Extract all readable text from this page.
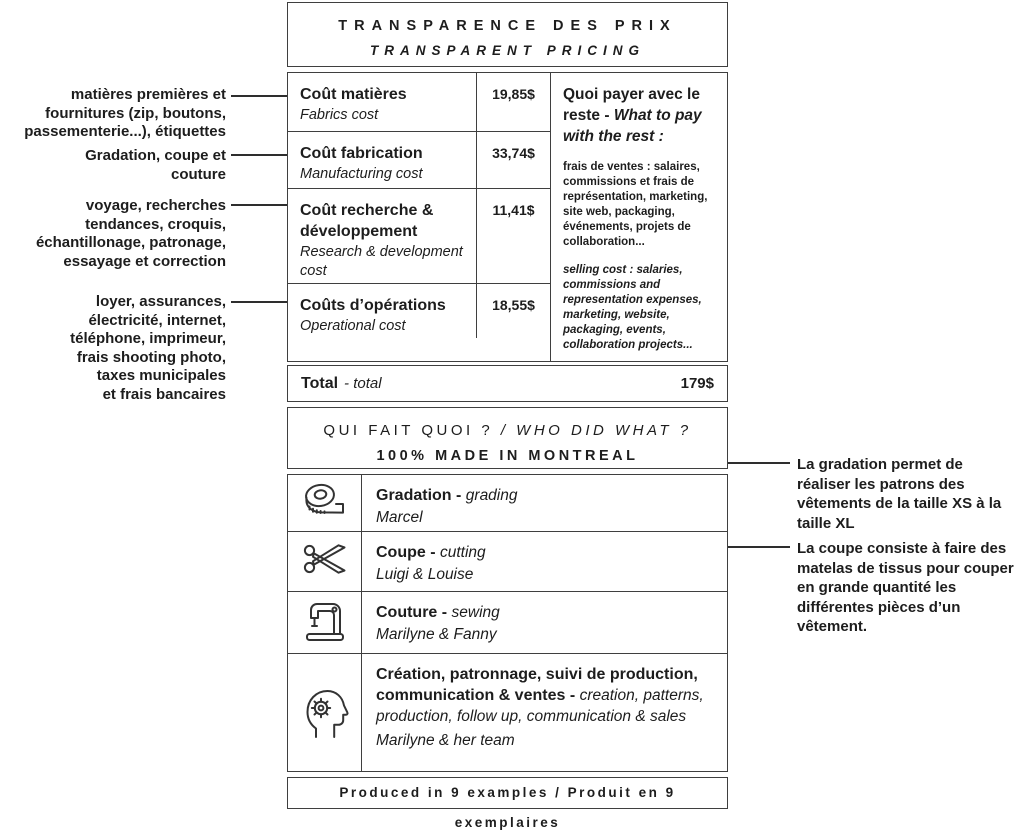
matières premières et
fournitures (zip, boutons,
passementerie...), étiquettes
Gradation, coupe et
couture
voyage, recherches
tendances, croquis,
échantillonage, patronage,
essayage et correction
loyer, assurances,
électricité, internet,
téléphone, imprimeur,
frais shooting photo,
taxes municipales
et frais bancaires
La gradation permet de
réaliser les patrons des
vêtements de la taille XS à la
taille XL
La coupe consiste à faire des
matelas de tissus pour couper
en grande quantité les
différentes pièces d’un
vêtement.
TRANSPARENCE DES PRIX
TRANSPARENT PRICING
Coût matières
Fabrics cost
19,85$
Coût fabrication
Manufacturing cost
33,74$
Coût recherche & développement
Research & development cost
11,41$
Coûts d’opérations
Operational cost
18,55$
Quoi payer avec le reste - What to pay with the rest :

frais de ventes : salaires, commissions et frais de représentation, marketing, site web, packaging, événements, projets de collaboration...

selling cost : salaries, commissions and representation expenses, marketing, website, packaging, events, collaboration projects...

Total - total	179$
QUI FAIT QUOI ? / WHO DID WHAT ?
100% MADE IN MONTREAL
Gradation - grading
Marcel
Coupe - cutting
Luigi & Louise
Couture - sewing
Marilyne & Fanny
Création, patronnage, suivi de production, communication & ventes - creation, patterns, production, follow up, communication & sales
Marilyne & her team
Produced in 9 examples / Produit en 9 exemplaires
